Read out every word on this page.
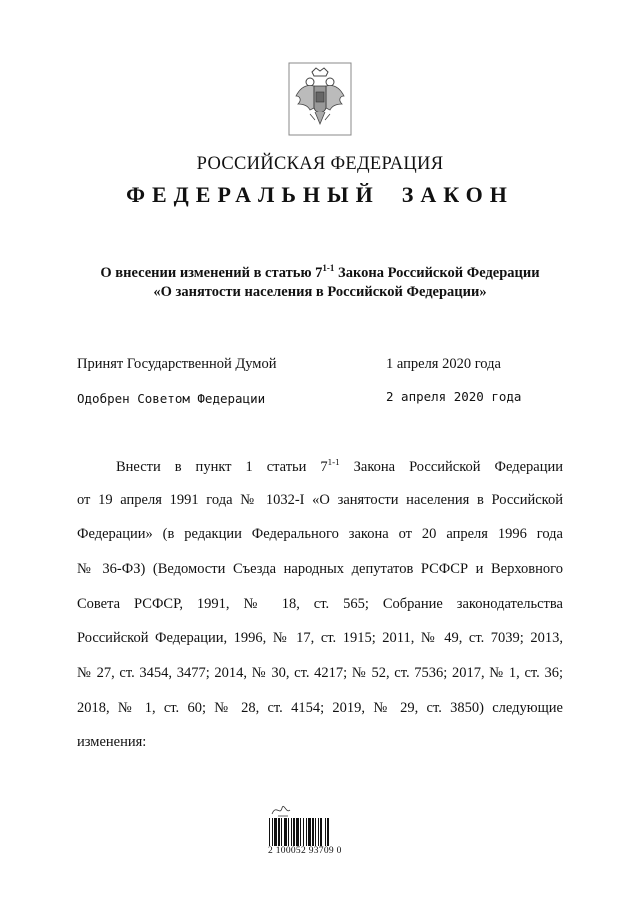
РОССИЙСКАЯ ФЕДЕРАЦИЯ
ФЕДЕРАЛЬНЫЙ ЗАКОН
О внесении изменений в статью 7$^{1-1}$ Закона Российской Федерации
«О занятости населения в Российской Федерации»
Принят Государственной Думой	1 апреля 2020 года
Одобрен Советом Федерации	2 апреля 2020 года
Внести в пункт 1 статьи 7$^{1-1}$ Закона Российской Федерации
от 19 апреля 1991 года № 1032-I «О занятости населения в Российской
Федерации» (в редакции Федерального закона от 20 апреля 1996 года
№ 36-ФЗ) (Ведомости Съезда народных депутатов РСФСР и Верховного
Совета РСФСР, 1991, № 18, ст. 565; Собрание законодательства
Российской Федерации, 1996, № 17, ст. 1915; 2011, № 49, ст. 7039; 2013,
№ 27, ст. 3454, 3477; 2014, № 30, ст. 4217; № 52, ст. 7536; 2017, № 1, ст. 36;
2018, № 1, ст. 60; № 28, ст. 4154; 2019, № 29, ст. 3850) следующие
изменения:
2 100052 93709 0
